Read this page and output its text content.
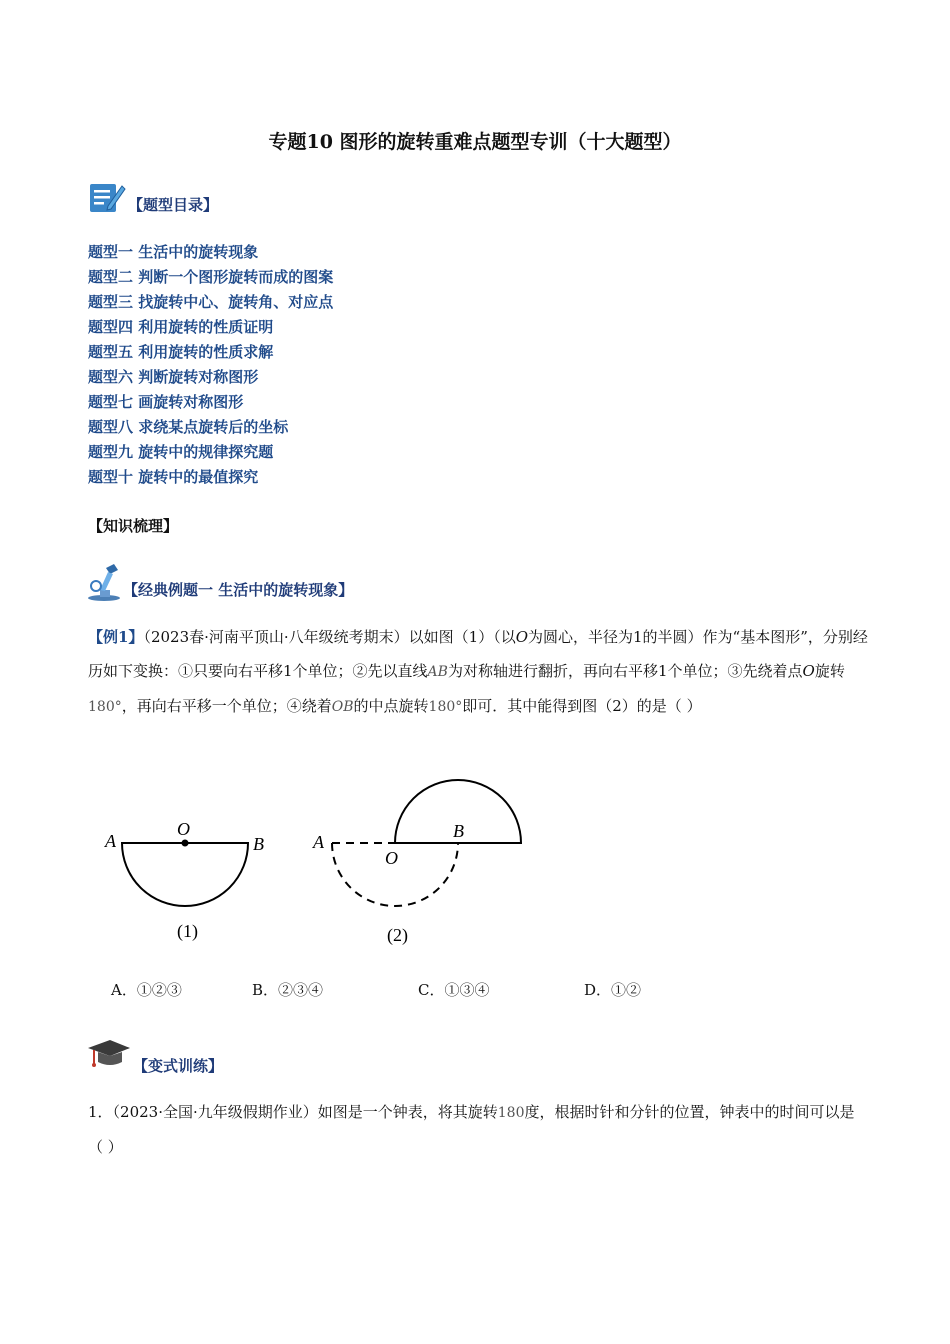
专题10 图形的旋转重难点题型专训（十大题型）
【题型目录】
题型一 生活中的旋转现象
题型二 判断一个图形旋转而成的图案
题型三 找旋转中心、旋转角、对应点
题型四 利用旋转的性质证明
题型五 利用旋转的性质求解
题型六 判断旋转对称图形
题型七 画旋转对称图形
题型八 求绕某点旋转后的坐标
题型九 旋转中的规律探究题
题型十 旋转中的最值探究
【知识梳理】
【经典例题一 生活中的旋转现象】
【例1】（2023春·河南平顶山·八年级统考期末）以如图（1）（以O为圆心，半径为1的半圆）作为“基本图形”，分别经历如下变换：①只要向右平移1个单位；②先以直线AB为对称轴进行翻折，再向右平移1个单位；③先绕着点O旋转180°，再向右平移一个单位；④绕着OB的中点旋转180°即可．其中能得到图（2）的是（ ）
A
O
B
(1)
A
O
B
(2)
A．①②③	B．②③④	C．①③④	D．①②
【变式训练】
1．（2023·全国·九年级假期作业）如图是一个钟表，将其旋转180度，根据时针和分针的位置，钟表中的时间可以是（ ）
